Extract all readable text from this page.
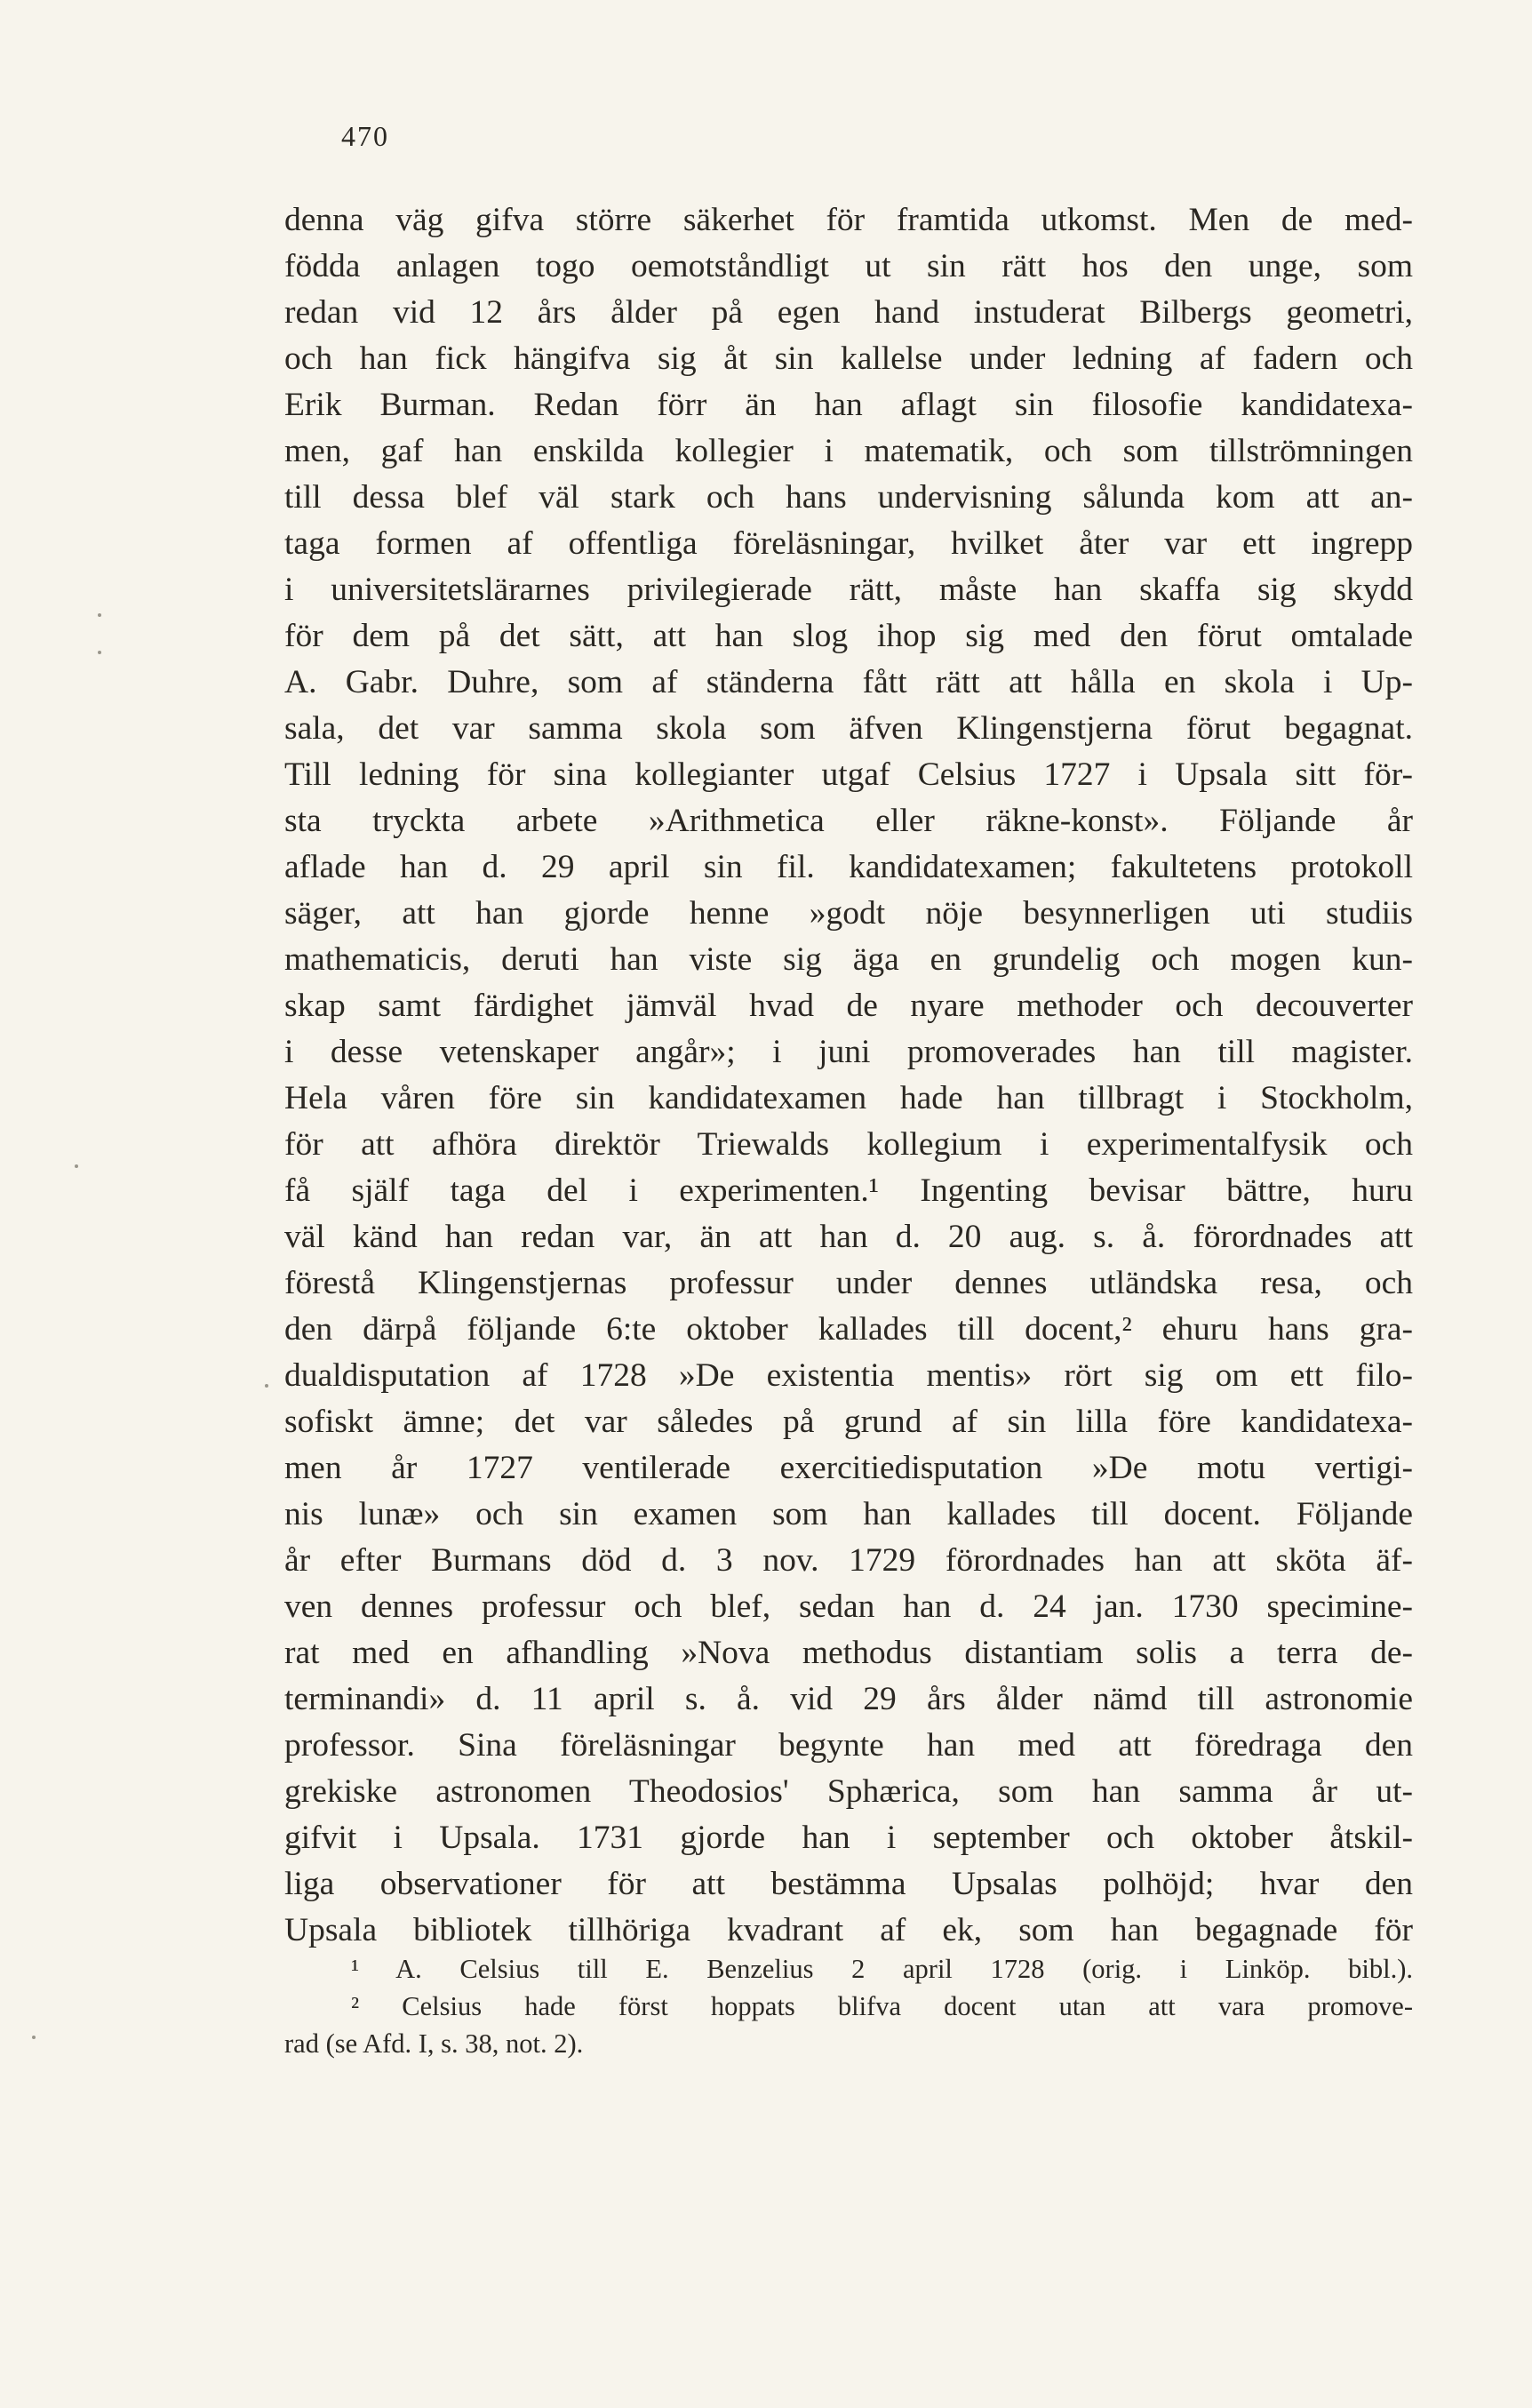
470
denna väg gifva större säkerhet för framtida utkomst. Men de med-
födda anlagen togo oemotståndligt ut sin rätt hos den unge, som
redan vid 12 års ålder på egen hand instuderat Bilbergs geometri,
och han fick hängifva sig åt sin kallelse under ledning af fadern och
Erik Burman. Redan förr än han aflagt sin filosofie kandidatexa-
men, gaf han enskilda kollegier i matematik, och som tillströmningen
till dessa blef väl stark och hans undervisning sålunda kom att an-
taga formen af offentliga föreläsningar, hvilket åter var ett ingrepp
i universitetslärarnes privilegierade rätt, måste han skaffa sig skydd
för dem på det sätt, att han slog ihop sig med den förut omtalade
A. Gabr. Duhre, som af ständerna fått rätt att hålla en skola i Up-
sala, det var samma skola som äfven Klingenstjerna förut begagnat.
Till ledning för sina kollegianter utgaf Celsius 1727 i Upsala sitt för-
sta tryckta arbete »Arithmetica eller räkne-konst». Följande år
aflade han d. 29 april sin fil. kandidatexamen; fakultetens protokoll
säger, att han gjorde henne »godt nöje besynnerligen uti studiis
mathematicis, deruti han viste sig äga en grundelig och mogen kun-
skap samt färdighet jämväl hvad de nyare methoder och decouverter
i desse vetenskaper angår»; i juni promoverades han till magister.
Hela våren före sin kandidatexamen hade han tillbragt i Stockholm,
för att afhöra direktör Triewalds kollegium i experimentalfysik och
få själf taga del i experimenten.¹ Ingenting bevisar bättre, huru
väl känd han redan var, än att han d. 20 aug. s. å. förordnades att
förestå Klingenstjernas professur under dennes utländska resa, och
den därpå följande 6:te oktober kallades till docent,² ehuru hans gra-
dualdisputation af 1728 »De existentia mentis» rört sig om ett filo-
sofiskt ämne; det var således på grund af sin lilla före kandidatexa-
men år 1727 ventilerade exercitiedisputation »De motu vertigi-
nis lunæ» och sin examen som han kallades till docent. Följande
år efter Burmans död d. 3 nov. 1729 förordnades han att sköta äf-
ven dennes professur och blef, sedan han d. 24 jan. 1730 specimine-
rat med en afhandling »Nova methodus distantiam solis a terra de-
terminandi» d. 11 april s. å. vid 29 års ålder nämd till astronomie
professor. Sina föreläsningar begynte han med att föredraga den
grekiske astronomen Theodosios' Sphærica, som han samma år ut-
gifvit i Upsala. 1731 gjorde han i september och oktober åtskil-
liga observationer för att bestämma Upsalas polhöjd; hvar den
Upsala bibliotek tillhöriga kvadrant af ek, som han begagnade för
¹ A. Celsius till E. Benzelius 2 april 1728 (orig. i Linköp. bibl.).
² Celsius hade först hoppats blifva docent utan att vara promove-
rad (se Afd. I, s. 38, not. 2).
